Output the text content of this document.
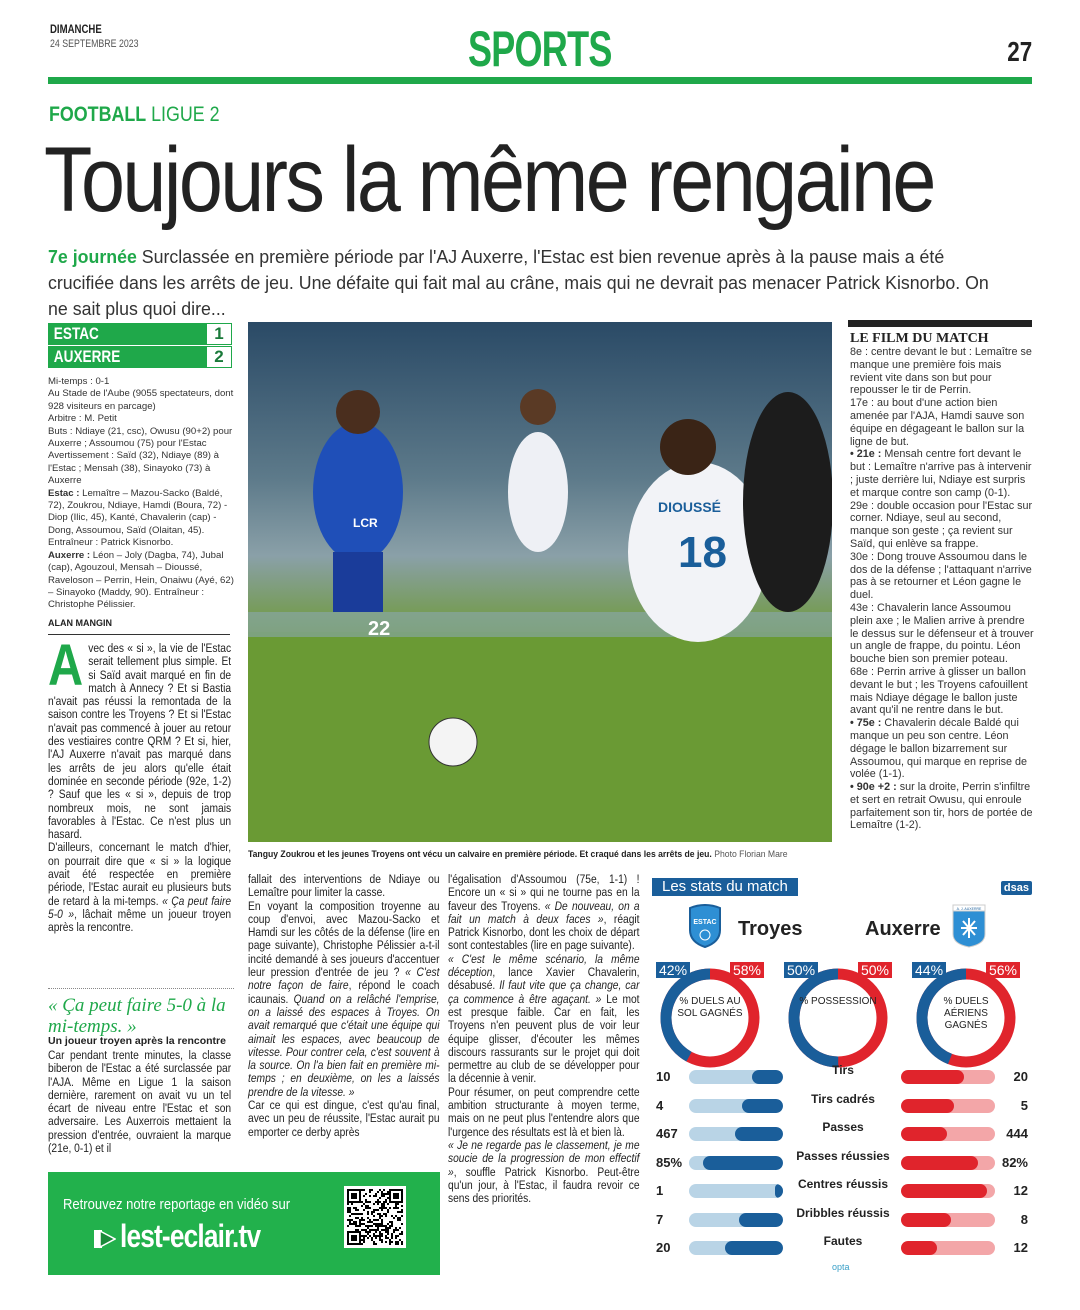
DIMANCHE
24 SEPTEMBRE 2023	SPORTS	27
FOOTBALL LIGUE 2
Toujours la même rengaine

7e journée Surclassée en première période par l'AJ Auxerre, l'Estac est bien revenue après à la pause mais a été crucifiée dans les arrêts de jeu. Une défaite qui fait mal au crâne, mais qui ne devrait pas menacer Patrick Kisnorbo. On ne sait plus quoi dire...

ESTAC	1
AUXERRE	2
Mi-temps : 0-1
Au Stade de l'Aube (9055 spectateurs, dont 928 visiteurs en parcage)
Arbitre : M. Petit
Buts : Ndiaye (21, csc), Owusu (90+2) pour Auxerre ; Assoumou (75) pour l'Estac
Avertissement : Saïd (32), Ndiaye (89) à l'Estac ; Mensah (38), Sinayoko (73) à Auxerre
Estac : Lemaître – Mazou-Sacko (Baldé, 72), Zoukrou, Ndiaye, Hamdi (Boura, 72) - Diop (Ilic, 45), Kanté, Chavalerin (cap) - Dong, Assoumou, Saïd (Olaitan, 45). Entraîneur : Patrick Kisnorbo.
Auxerre : Léon – Joly (Dagba, 74), Jubal (cap), Agouzoul, Mensah – Dioussé, Raveloson – Perrin, Hein, Onaiwu (Ayé, 62) – Sinayoko (Maddy, 90). Entraîneur : Christophe Pélissier.
ALAN MANGIN
A vec des « si », la vie de l'Estac serait tellement plus simple. Et si Saïd avait marqué en fin de match à Annecy ? Et si Bastia n'avait pas réussi la remontada de la saison contre les Troyens ? Et si l'Estac n'avait pas commencé à jouer au retour des vestiaires contre QRM ? Et si, hier, l'AJ Auxerre n'avait pas marqué dans les arrêts de jeu alors qu'elle était dominée en seconde période (92e, 1-2) ? Sauf que les « si », depuis de trop nombreux mois, ne sont jamais favorables à l'Estac. Ce n'est plus un hasard.

D'ailleurs, concernant le match d'hier, on pourrait dire que « si » la logique avait été respectée en première période, l'Estac aurait eu plusieurs buts de retard à la mi-temps. « Ça peut faire 5-0 », lâchait même un joueur troyen après la rencontre.

« Ça peut faire 5-0 à la mi-temps. »
Un joueur troyen après la rencontre

Car pendant trente minutes, la classe biberon de l'Estac a été surclassée par l'AJA. Même en Ligue 1 la saison dernière, rarement on avait vu un tel écart de niveau entre l'Estac et son adversaire. Les Auxerrois mettaient la pression d'entrée, ouvraient la marque (21e, 0-1) et il

22
LCR
DIOUSSÉ
18
Tanguy Zoukrou et les jeunes Troyens ont vécu un calvaire en première période. Et craqué dans les arrêts de jeu. Photo Florian Mare

fallait des interventions de Ndiaye ou Lemaître pour limiter la casse.

En voyant la composition troyenne au coup d'envoi, avec Mazou-Sacko et Hamdi sur les côtés de la défense (lire en page suivante), Christophe Pélissier a-t-il incité demandé à ses joueurs d'accentuer leur pression d'entrée de jeu ? « C'est notre façon de faire, répond le coach icaunais. Quand on a relâché l'emprise, on a laissé des espaces à Troyes. On avait remarqué que c'était une équipe qui aimait les espaces, avec beaucoup de vitesse. Pour contrer cela, c'est souvent à la source. On l'a bien fait en première mi-temps ; en deuxième, on les a laissés prendre de la vitesse. »

Car ce qui est dingue, c'est qu'au final, avec un peu de réussite, l'Estac aurait pu emporter ce derby après

l'égalisation d'Assoumou (75e, 1-1) ! Encore un « si » qui ne tourne pas en la faveur des Troyens. « De nouveau, on a fait un match à deux faces », réagit Patrick Kisnorbo, dont les choix de départ sont contestables (lire en page suivante).

« C'est le même scénario, la même déception, lance Xavier Chavalerin, désabusé. Il faut vite que ça change, car ça commence à être agaçant. » Le mot est presque faible. Car en fait, les Troyens n'en peuvent plus de voir leur équipe glisser, d'écouter les mêmes discours rassurants sur le projet qui doit permettre au club de se développer pour la décennie à venir.

Pour résumer, on peut comprendre cette ambition structurante à moyen terme, mais on ne peut plus l'entendre alors que l'urgence des résultats est là et bien là.

« Je ne regarde pas le classement, je me soucie de la progression de mon effectif », souffle Patrick Kisnorbo. Peut-être qu'un jour, à l'Estac, il faudra revoir ce sens des priorités.

LE FILM DU MATCH
8e : centre devant le but : Lemaître se manque une première fois mais revient vite dans son but pour repousser le tir de Perrin.
17e : au bout d'une action bien amenée par l'AJA, Hamdi sauve son équipe en dégageant le ballon sur la ligne de but.
• 21e : Mensah centre fort devant le but : Lemaître n'arrive pas à intervenir ; juste derrière lui, Ndiaye est surpris et marque contre son camp (0-1).
29e : double occasion pour l'Estac sur corner. Ndiaye, seul au second, manque son geste ; ça revient sur Saïd, qui enlève sa frappe.
30e : Dong trouve Assoumou dans le dos de la défense ; l'attaquant n'arrive pas à se retourner et Léon gagne le duel.
43e : Chavalerin lance Assoumou plein axe ; le Malien arrive à prendre le dessus sur le défenseur et à trouver un angle de frappe, du pointu. Léon bouche bien son premier poteau.
68e : Perrin arrive à glisser un ballon devant le but ; les Troyens cafouillent mais Ndiaye dégage le ballon juste avant qu'il ne rentre dans le but.
• 75e : Chavalerin décale Baldé qui manque un peu son centre. Léon dégage le ballon bizarrement sur Assoumou, qui marque en reprise de volée (1-1).
• 90e +2 : sur la droite, Perrin s'infiltre et sert en retrait Owusu, qui enroule parfaitement son tir, hors de portée de Lemaître (1-2).
Les stats du match	dsas
ESTAC Troyes	Auxerre
A. J. AUXERRE
% DUELS AU SOL GAGNÉS
42%	58%
% POSSESSION
50%	50%
% DUELS AÉRIENS GAGNÉS
44%	56%
10	Tirs	20
4	Tirs cadrés	5
467	Passes	444
85%	Passes réussies	82%
1	Centres réussis	12
7	Dribbles réussis	8
20	Fautes	12
opta
Retrouvez notre reportage en vidéo sur
lest-eclair.tv
